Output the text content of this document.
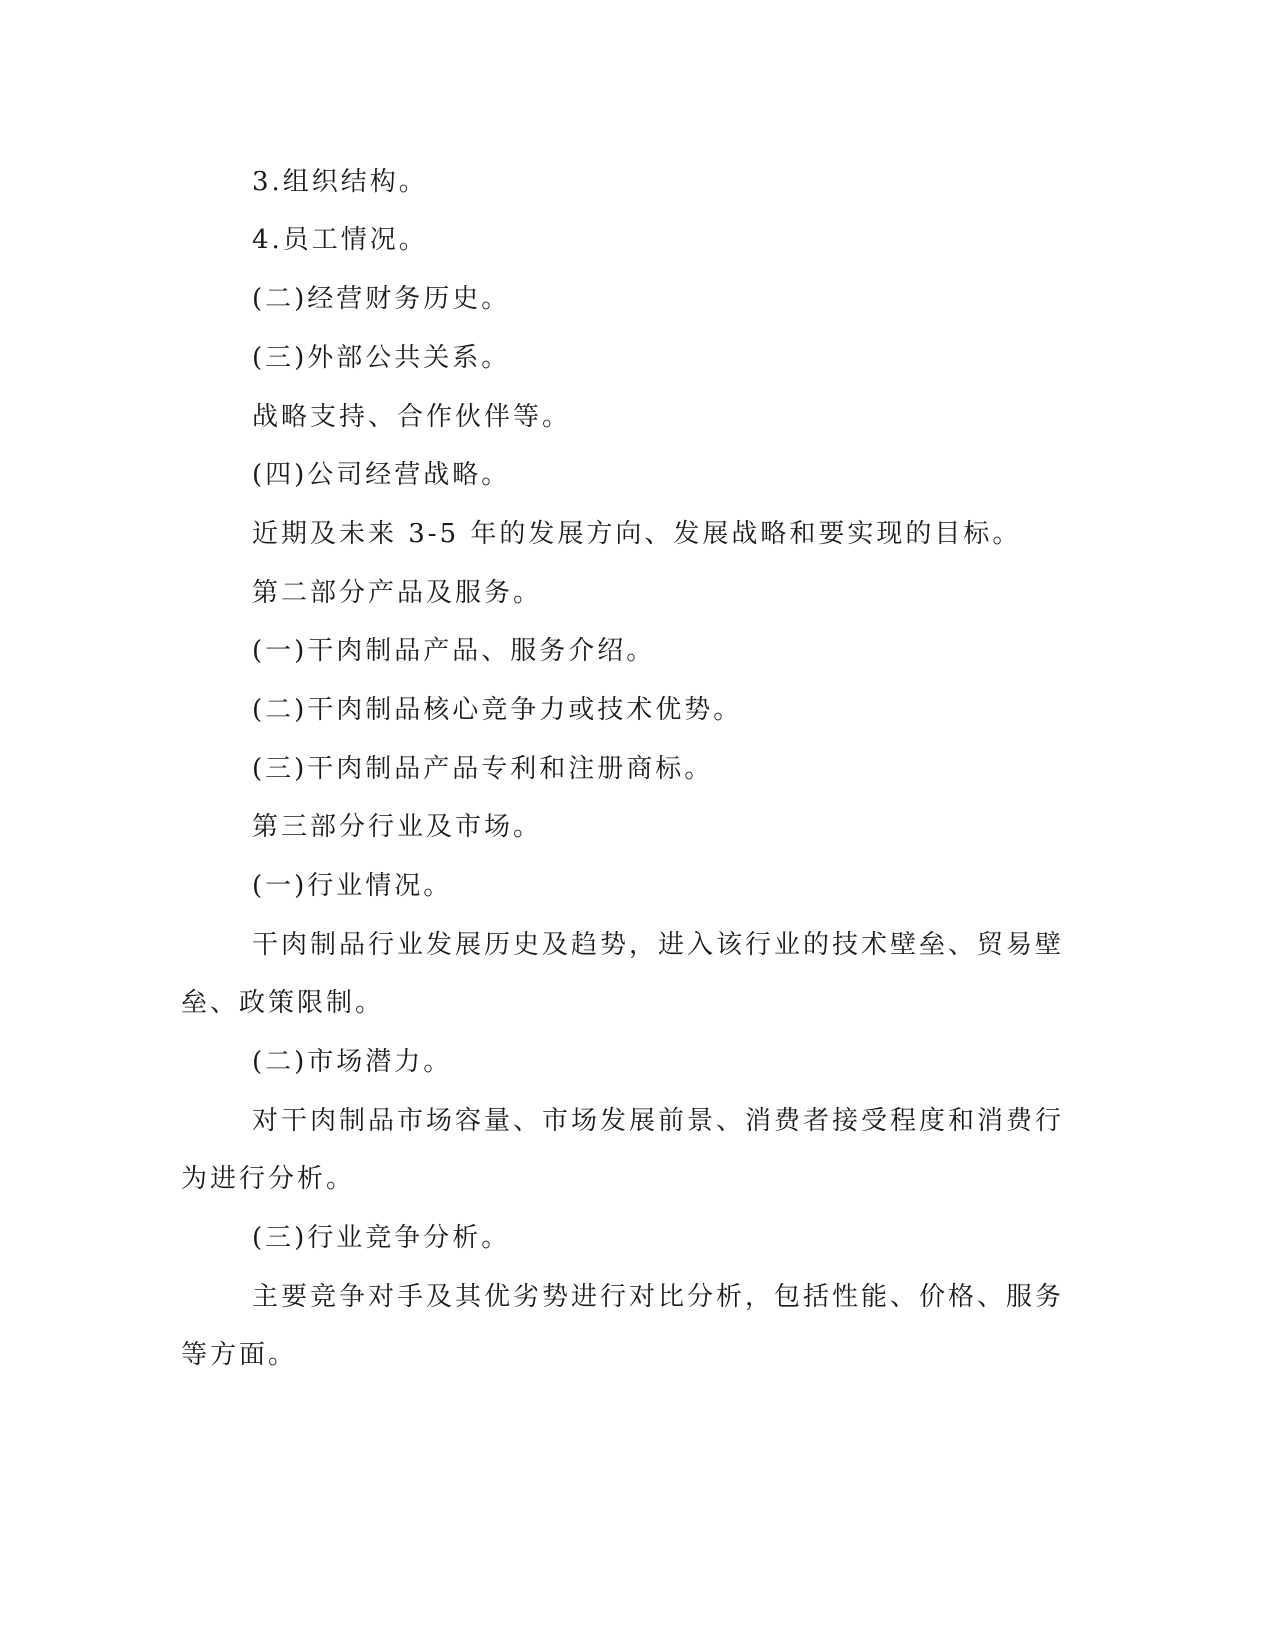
3.组织结构。
4.员工情况。
(二)经营财务历史。
(三)外部公共关系。
战略支持、合作伙伴等。
(四)公司经营战略。
近期及未来 3-5 年的发展方向、发展战略和要实现的目标。
第二部分产品及服务。
(一)干肉制品产品、服务介绍。
(二)干肉制品核心竞争力或技术优势。
(三)干肉制品产品专利和注册商标。
第三部分行业及市场。
(一)行业情况。
干肉制品行业发展历史及趋势，进入该行业的技术壁垒、贸易壁
垒、政策限制。
(二)市场潜力。
对干肉制品市场容量、市场发展前景、消费者接受程度和消费行
为进行分析。
(三)行业竞争分析。
主要竞争对手及其优劣势进行对比分析，包括性能、价格、服务
等方面。
